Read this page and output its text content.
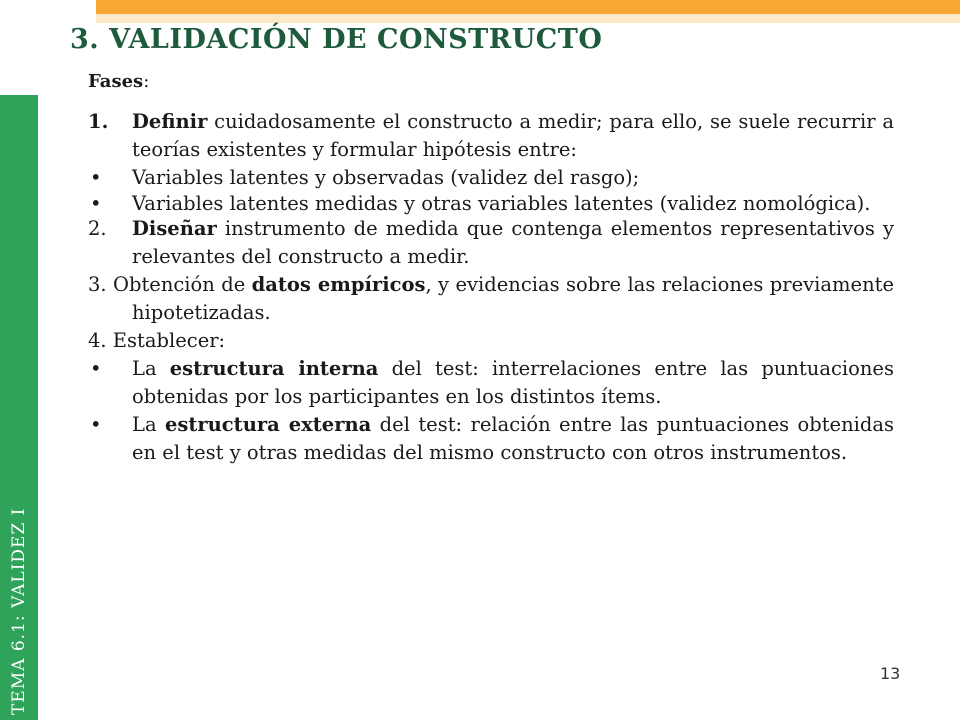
TEMA 6.1: VALIDEZ I
3. VALIDACIÓN DE CONSTRUCTO

Fases:

1. Definir cuidadosamente el constructo a medir; para ello, se suele recurrir a teorías existentes y formular hipótesis entre:

• Variables latentes y observadas (validez del rasgo);

• Variables latentes medidas y otras variables latentes (validez nomológica).

2. Diseñar instrumento de medida que contenga elementos representativos y relevantes del constructo a medir.

3. Obtención de datos empíricos, y evidencias sobre las relaciones previamente hipotetizadas.

4. Establecer:

• La estructura interna del test: interrelaciones entre las puntuaciones obtenidas por los participantes en los distintos ítems.

• La estructura externa del test: relación entre las puntuaciones obtenidas en el test y otras medidas del mismo constructo con otros instrumentos.

13
